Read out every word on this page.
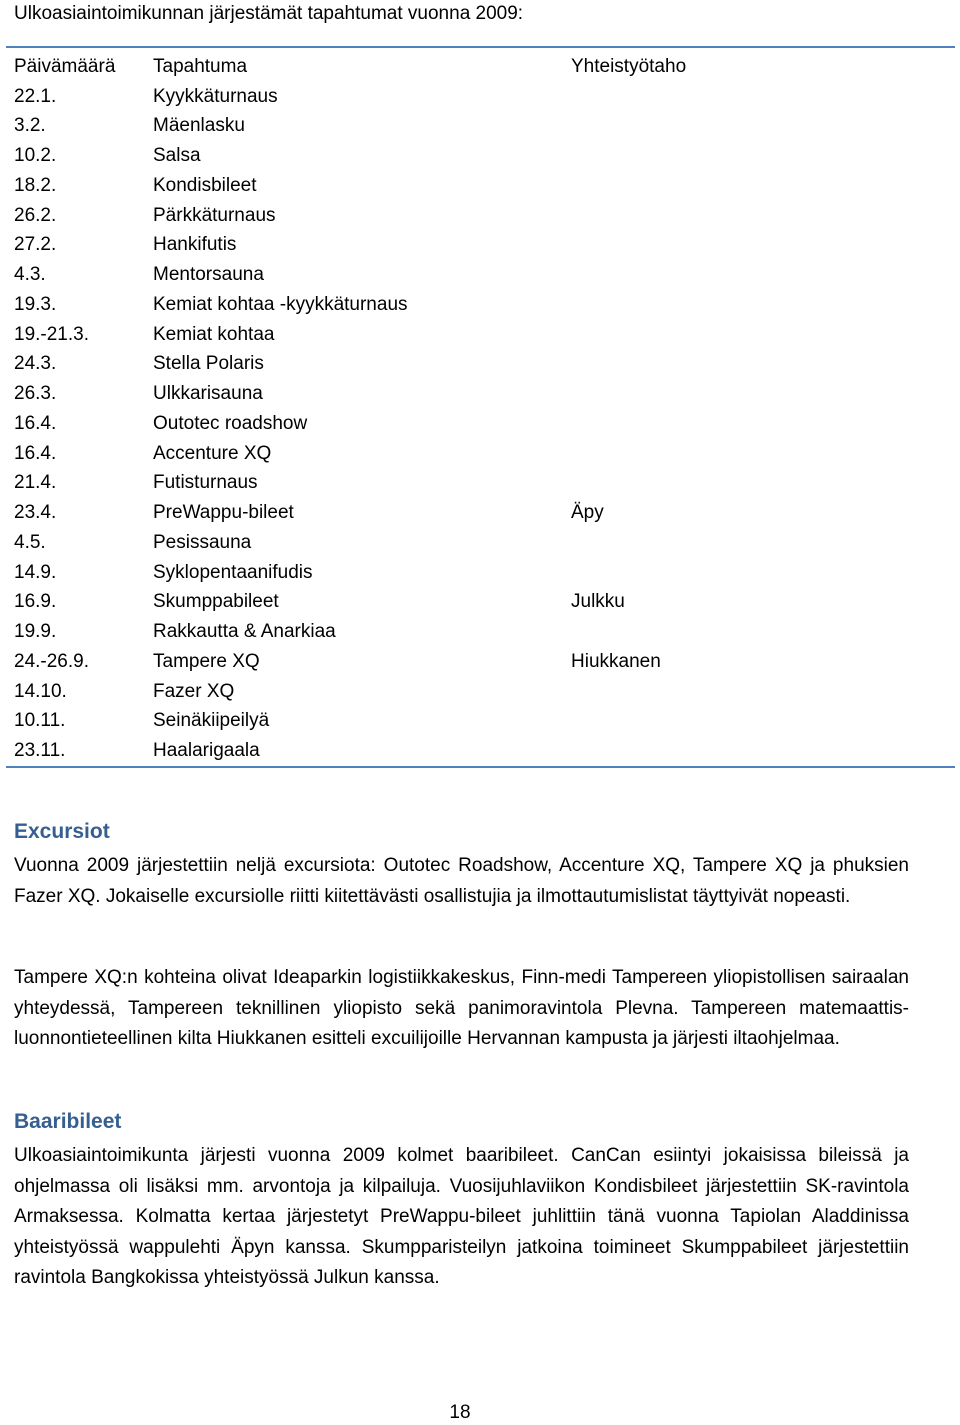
Ulkoasiaintoimikunnan järjestämät tapahtumat vuonna 2009:
Päivämäärä	Tapahtuma	Yhteistyötaho
22.1.	Kyykkäturnaus	
3.2.	Mäenlasku	
10.2.	Salsa	
18.2.	Kondisbileet	
26.2.	Pärkkäturnaus	
27.2.	Hankifutis	
4.3.	Mentorsauna	
19.3.	Kemiat kohtaa -kyykkäturnaus	
19.-21.3.	Kemiat kohtaa	
24.3.	Stella Polaris	
26.3.	Ulkkarisauna	
16.4.	Outotec roadshow	
16.4.	Accenture XQ	
21.4.	Futisturnaus	
23.4.	PreWappu-bileet	Äpy
4.5.	Pesissauna	
14.9.	Syklopentaanifudis	
16.9.	Skumppabileet	Julkku
19.9.	Rakkautta & Anarkiaa	
24.-26.9.	Tampere XQ	Hiukkanen
14.10.	Fazer XQ	
10.11.	Seinäkiipeilyä	
23.11.	Haalarigaala	
Excursiot

Vuonna 2009 järjestettiin neljä excursiota: Outotec Roadshow, Accenture XQ, Tampere XQ ja phuksien Fazer XQ. Jokaiselle excursiolle riitti kiitettävästi osallistujia ja ilmottautumislistat täyttyivät nopeasti.

Tampere XQ:n kohteina olivat Ideaparkin logistiikkakeskus, Finn-medi Tampereen yliopistollisen sairaalan yhteydessä, Tampereen teknillinen yliopisto sekä panimoravintola Plevna. Tampereen matemaattis-luonnontieteellinen kilta Hiukkanen esitteli excuilijoille Hervannan kampusta ja järjesti iltaohjelmaa.

Baaribileet

Ulkoasiaintoimikunta järjesti vuonna 2009 kolmet baaribileet. CanCan esiintyi jokaisissa bileissä ja ohjelmassa oli lisäksi mm. arvontoja ja kilpailuja. Vuosijuhlaviikon Kondisbileet järjestettiin SK-ravintola Armaksessa. Kolmatta kertaa järjestetyt PreWappu-bileet juhlittiin tänä vuonna Tapiolan Aladdinissa yhteistyössä wappulehti Äpyn kanssa. Skumpparisteilyn jatkoina toimineet Skumppabileet järjestettiin ravintola Bangkokissa yhteistyössä Julkun kanssa.

18
